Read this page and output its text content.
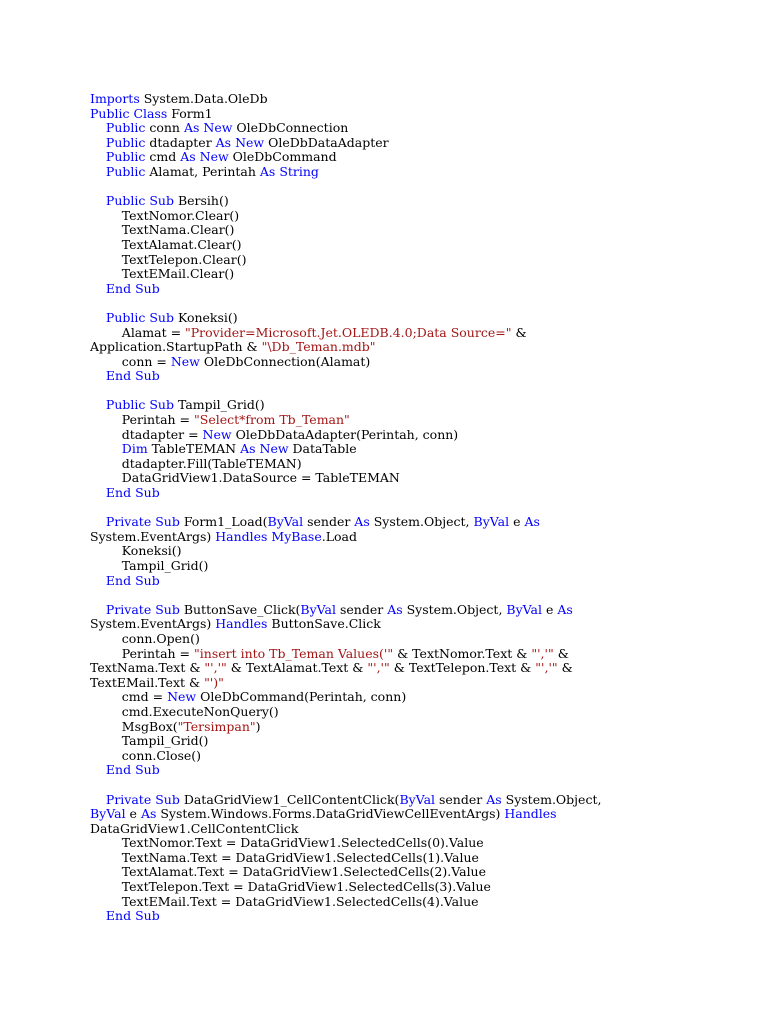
Imports System.Data.OleDb
Public Class Form1
Public conn As New OleDbConnection
Public dtadapter As New OleDbDataAdapter
Public cmd As New OleDbCommand
Public Alamat, Perintah As String
Public Sub Bersih()
TextNomor.Clear()
TextNama.Clear()
TextAlamat.Clear()
TextTelepon.Clear()
TextEMail.Clear()
End Sub
Public Sub Koneksi()
Alamat = "Provider=Microsoft.Jet.OLEDB.4.0;Data Source=" &
Application.StartupPath & "\Db_Teman.mdb"
conn = New OleDbConnection(Alamat)
End Sub
Public Sub Tampil_Grid()
Perintah = "Select*from Tb_Teman"
dtadapter = New OleDbDataAdapter(Perintah, conn)
Dim TableTEMAN As New DataTable
dtadapter.Fill(TableTEMAN)
DataGridView1.DataSource = TableTEMAN
End Sub
Private Sub Form1_Load(ByVal sender As System.Object, ByVal e As
System.EventArgs) Handles MyBase.Load
Koneksi()
Tampil_Grid()
End Sub
Private Sub ButtonSave_Click(ByVal sender As System.Object, ByVal e As
System.EventArgs) Handles ButtonSave.Click
conn.Open()
Perintah = "insert into Tb_Teman Values('" & TextNomor.Text & "','" &
TextNama.Text & "','" & TextAlamat.Text & "','" & TextTelepon.Text & "','" &
TextEMail.Text & "')"
cmd = New OleDbCommand(Perintah, conn)
cmd.ExecuteNonQuery()
MsgBox("Tersimpan")
Tampil_Grid()
conn.Close()
End Sub
Private Sub DataGridView1_CellContentClick(ByVal sender As System.Object,
ByVal e As System.Windows.Forms.DataGridViewCellEventArgs) Handles
DataGridView1.CellContentClick
TextNomor.Text = DataGridView1.SelectedCells(0).Value
TextNama.Text = DataGridView1.SelectedCells(1).Value
TextAlamat.Text = DataGridView1.SelectedCells(2).Value
TextTelepon.Text = DataGridView1.SelectedCells(3).Value
TextEMail.Text = DataGridView1.SelectedCells(4).Value
End Sub
